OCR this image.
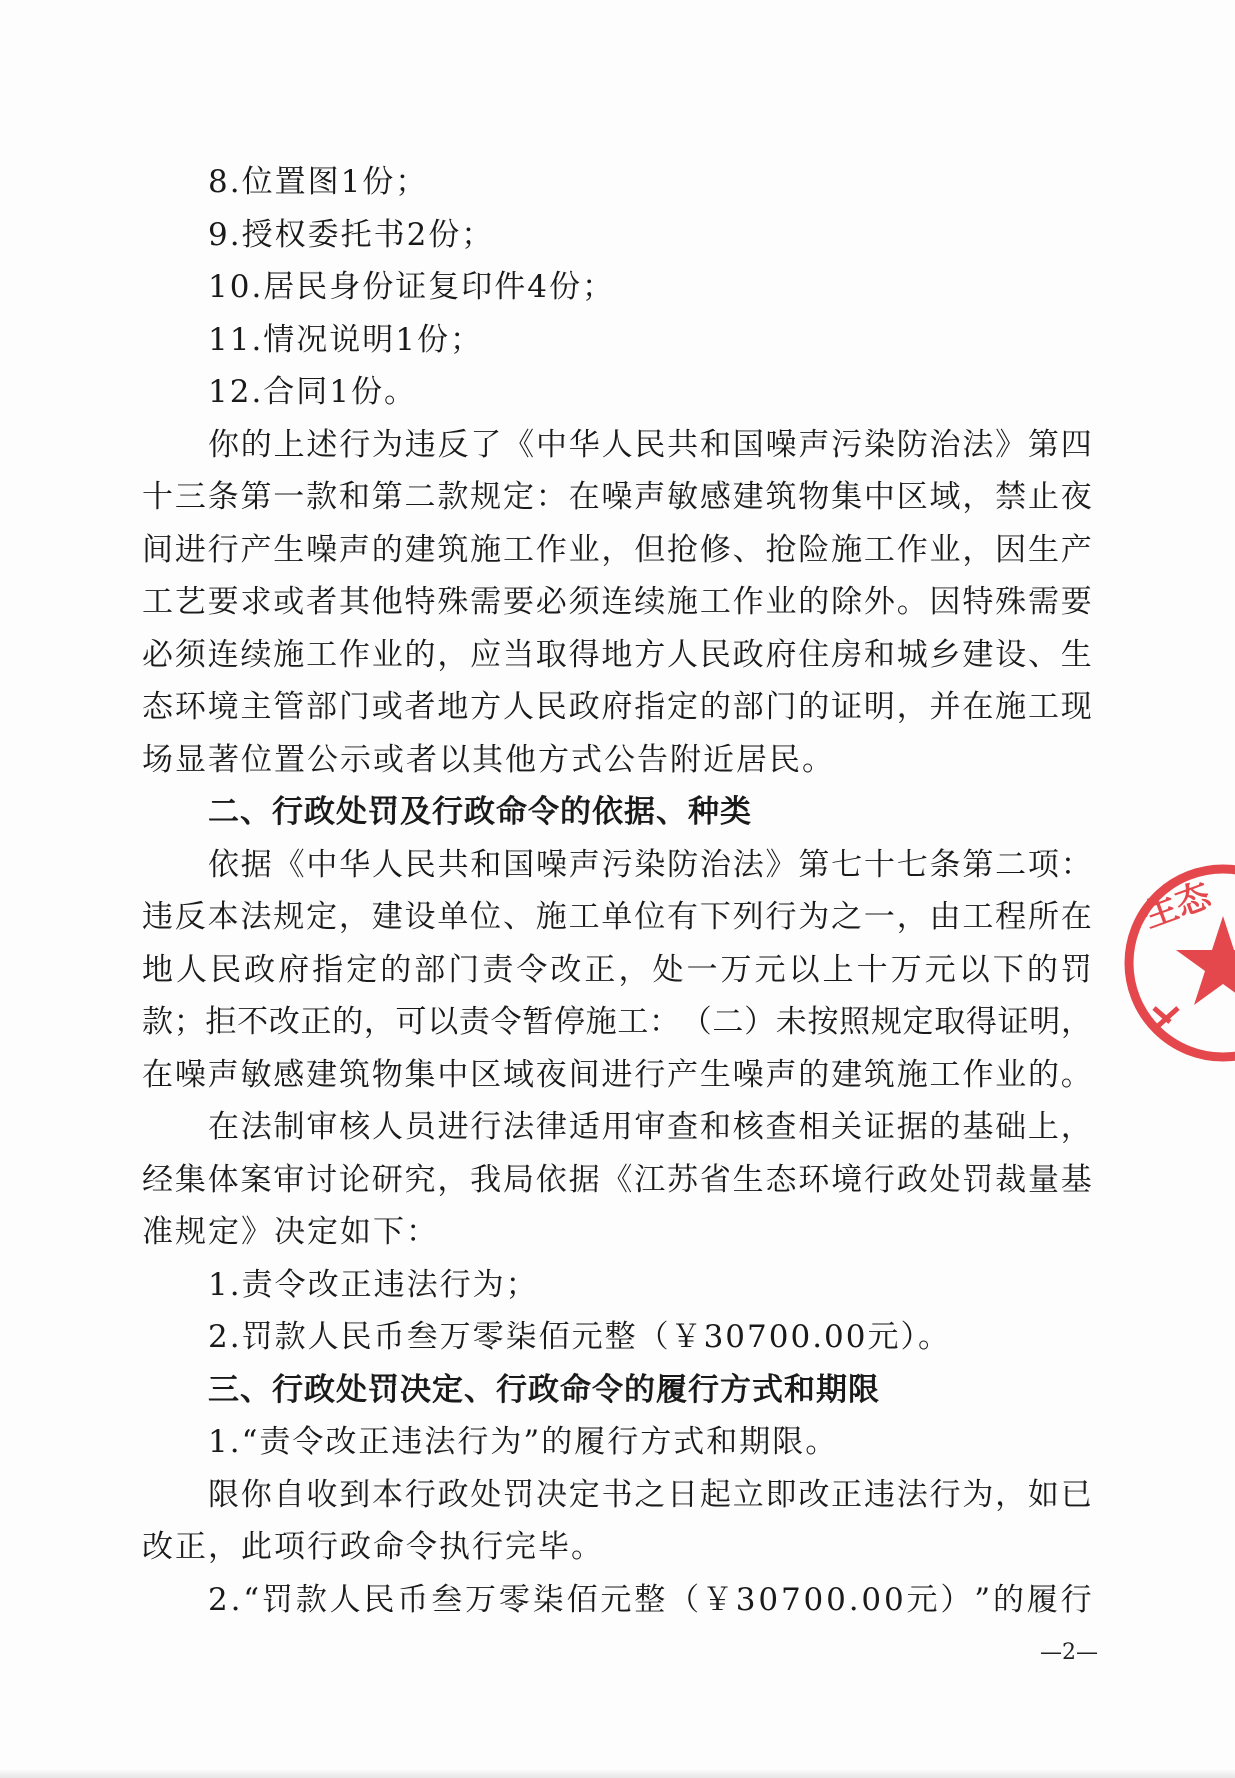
8.位置图1份；
9.授权委托书2份；
10.居民身份证复印件4份；
11.情况说明1份；
12.合同1份。
你 的 上 述 行 为 违 反 了 《 中 华 人 民 共 和 国 噪 声 污 染 防 治 法 》 第 四
十 三 条 第 一 款 和 第 二 款 规 定 ： 在 噪 声 敏 感 建 筑 物 集 中 区 域 ， 禁 止 夜
间 进 行 产 生 噪 声 的 建 筑 施 工 作 业 ， 但 抢 修 、 抢 险 施 工 作 业 ， 因 生 产
工 艺 要 求 或 者 其 他 特 殊 需 要 必 须 连 续 施 工 作 业 的 除 外 。 因 特 殊 需 要
必 须 连 续 施 工 作 业 的 ， 应 当 取 得 地 方 人 民 政 府 住 房 和 城 乡 建 设 、 生
态 环 境 主 管 部 门 或 者 地 方 人 民 政 府 指 定 的 部 门 的 证 明 ， 并 在 施 工 现
场显著位置公示或者以其他方式公告附近居民。
二、行政处罚及行政命令的依据、种类
依 据 《 中 华 人 民 共 和 国 噪 声 污 染 防 治 法 》 第 七 十 七 条 第 二 项 ：
违 反 本 法 规 定 ， 建 设 单 位 、 施 工 单 位 有 下 列 行 为 之 一 ， 由 工 程 所 在
地 人 民 政 府 指 定 的 部 门 责 令 改 正 ， 处 一 万 元 以 上 十 万 元 以 下 的 罚
款 ； 拒 不 改 正 的 ， 可 以 责 令 暂 停 施 工 ： （ 二 ） 未 按 照 规 定 取 得 证 明 ，
在 噪 声 敏 感 建 筑 物 集 中 区 域 夜 间 进 行 产 生 噪 声 的 建 筑 施 工 作 业 的 。
在 法 制 审 核 人 员 进 行 法 律 适 用 审 查 和 核 查 相 关 证 据 的 基 础 上 ，
经 集 体 案 审 讨 论 研 究 ， 我 局 依 据 《 江 苏 省 生 态 环 境 行 政 处 罚 裁 量 基
准规定》决定如下：
1.责令改正违法行为；
2.罚款人民币叁万零柒佰元整（￥30700.00元）。
三、行政处罚决定、行政命令的履行方式和期限
1.“责令改正违法行为”的履行方式和期限。
限 你 自 收 到 本 行 政 处 罚 决 定 书 之 日 起 立 即 改 正 违 法 行 为 ， 如 已
改正，此项行政命令执行完毕。
2 . “ 罚 款 人 民 币 叁 万 零 柒 佰 元 整 （ ￥ 3 0 7 0 0 . 0 0 元 ） ” 的 履 行
生态
—2—
